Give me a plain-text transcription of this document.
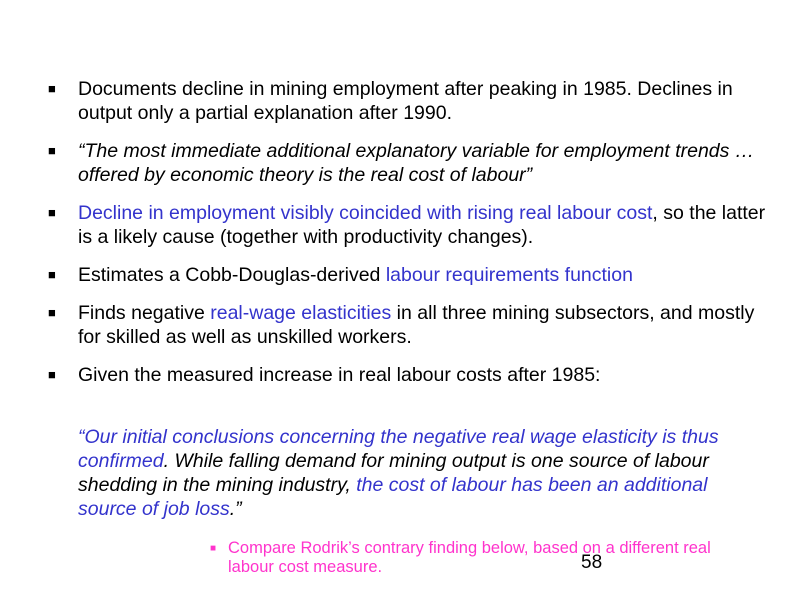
■ Documents decline in mining employment after peaking in 1985. Declines in output only a partial explanation after 1990.
■ “The most immediate additional explanatory variable for employment trends … offered by economic theory is the real cost of labour”
■ Decline in employment visibly coincided with rising real labour cost, so the latter is a likely cause (together with productivity changes).
■ Estimates a Cobb-Douglas-derived labour requirements function
■ Finds negative real-wage elasticities in all three mining subsectors, and mostly for skilled as well as unskilled workers.
■ Given the measured increase in real labour costs after 1985:
“Our initial conclusions concerning the negative real wage elasticity is thus confirmed. While falling demand for mining output is one source of labour shedding in the mining industry, the cost of labour has been an additional source of job loss.”
■ Compare Rodrik’s contrary finding below, based on a different real labour cost measure.	58
